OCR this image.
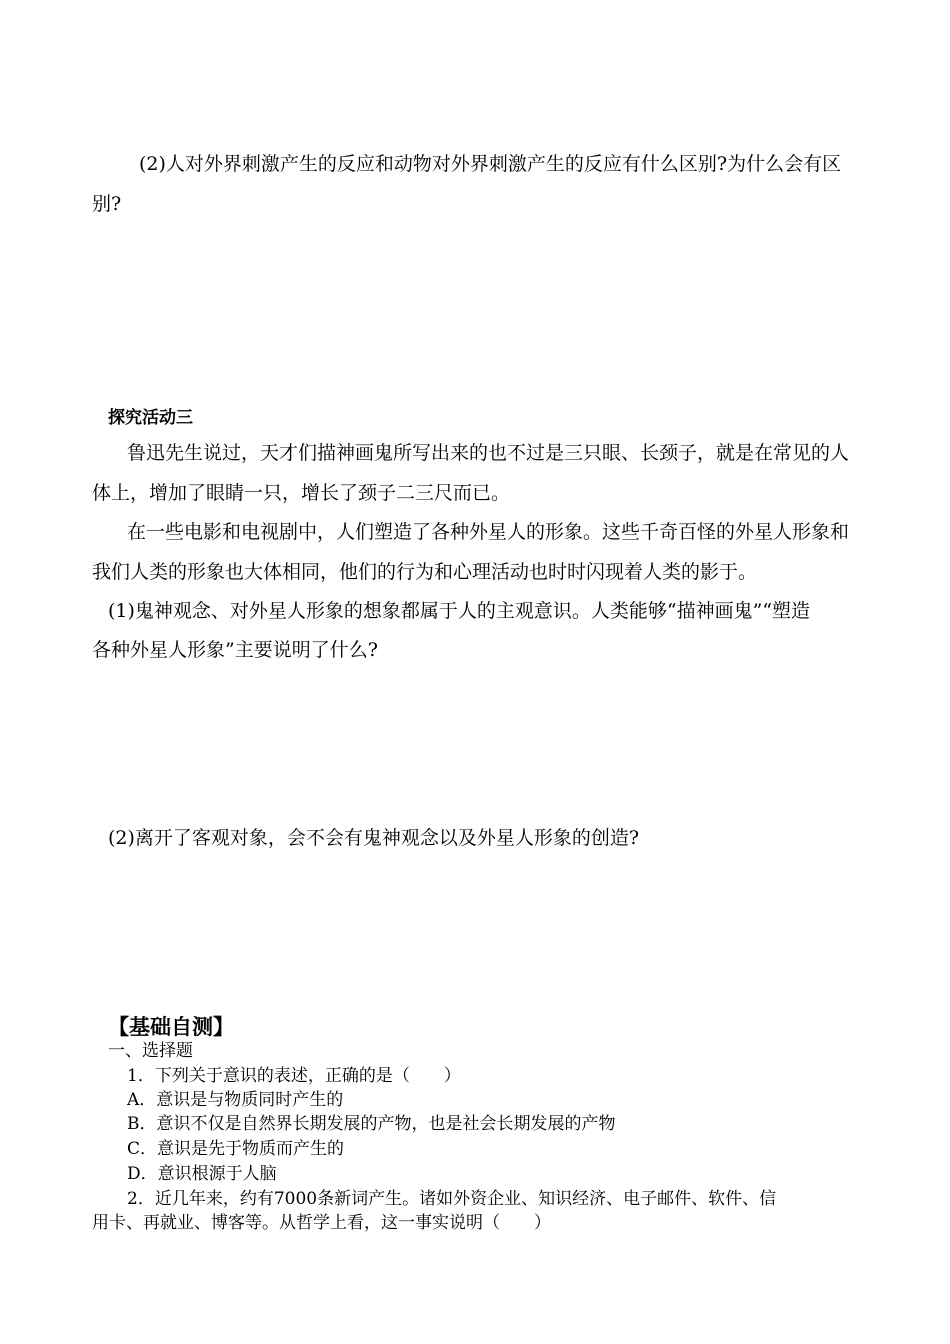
(2)人对外界刺激产生的反应和动物对外界刺激产生的反应有什么区别?为什么会有区
别?
探究活动三
鲁迅先生说过，天才们描神画鬼所写出来的也不过是三只眼、长颈子，就是在常见的人
体上，增加了眼睛一只，增长了颈子二三尺而已。
在一些电影和电视剧中，人们塑造了各种外星人的形象。这些千奇百怪的外星人形象和
我们人类的形象也大体相同，他们的行为和心理活动也时时闪现着人类的影于。
(1)鬼神观念、对外星人形象的想象都属于人的主观意识。人类能够“描神画鬼”“塑造
各种外星人形象”主要说明了什么?
(2)离开了客观对象，会不会有鬼神观念以及外星人形象的创造?
【基础自测】
一、选择题
1．下列关于意识的表述，正确的是（　　）
A．意识是与物质同时产生的
B．意识不仅是自然界长期发展的产物，也是社会长期发展的产物
C．意识是先于物质而产生的
D．意识根源于人脑
2．近几年来，约有7000条新词产生。诸如外资企业、知识经济、电子邮件、软件、信
用卡、再就业、博客等。从哲学上看，这一事实说明（　　）
